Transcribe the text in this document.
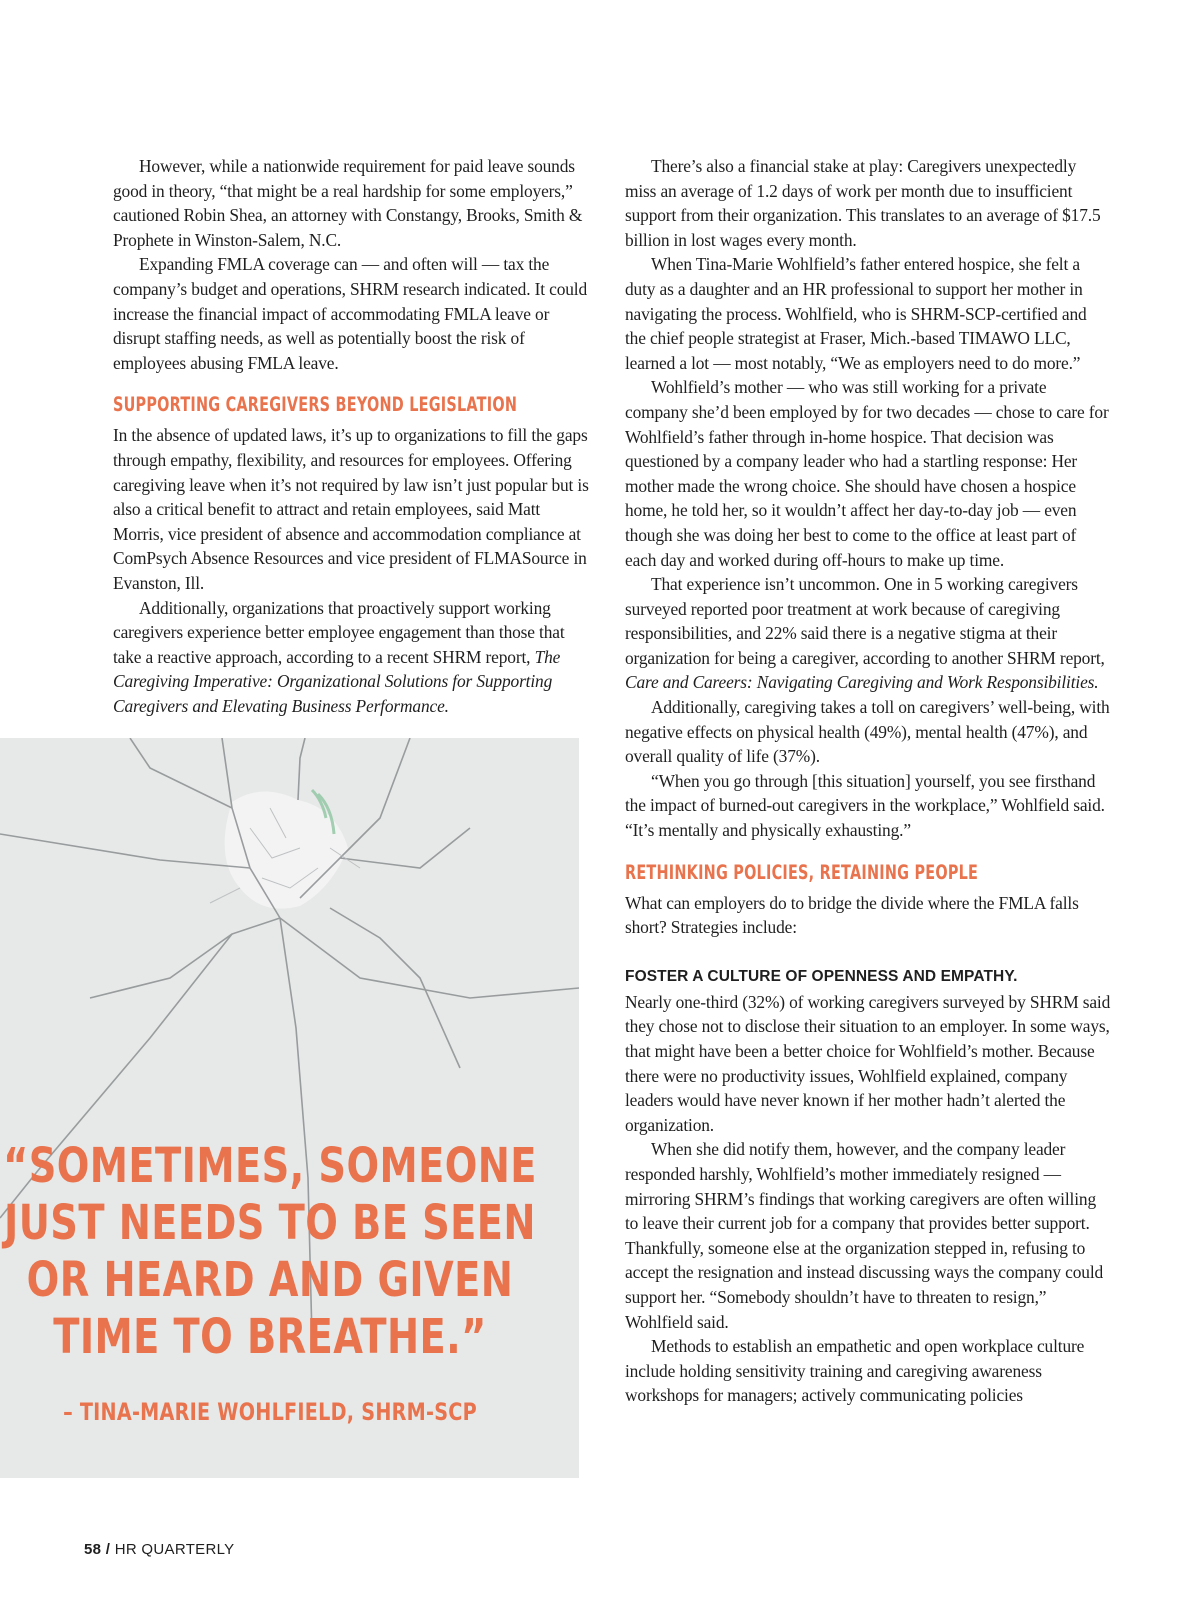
However, while a nationwide requirement for paid leave sounds good in theory, “that might be a real hardship for some employers,” cautioned Robin Shea, an attorney with Constangy, Brooks, Smith & Prophete in Winston-Salem, N.C.

Expanding FMLA coverage can — and often will — tax the company’s budget and operations, SHRM research indicated. It could increase the financial impact of accommodating FMLA leave or disrupt staffing needs, as well as potentially boost the risk of employees abusing FMLA leave.

SUPPORTING CAREGIVERS BEYOND LEGISLATION

In the absence of updated laws, it’s up to organizations to fill the gaps through empathy, flexibility, and resources for employees. Offering caregiving leave when it’s not required by law isn’t just popular but is also a critical benefit to attract and retain employees, said Matt Morris, vice president of absence and accommodation compliance at ComPsych Absence Resources and vice president of FLMASource in Evanston, Ill.

Additionally, organizations that proactively support working caregivers experience better employee engagement than those that take a reactive approach, according to a recent SHRM report, The Caregiving Imperative: Organizational Solutions for Supporting Caregivers and Elevating Business Performance.

“SOMETIMES, SOMEONE JUST NEEDS TO BE SEEN OR HEARD AND GIVEN TIME TO BREATHE.”
– TINA-MARIE WOHLFIELD, SHRM-SCP

There’s also a financial stake at play: Caregivers unexpectedly miss an average of 1.2 days of work per month due to insufficient support from their organization. This translates to an average of $17.5 billion in lost wages every month.

When Tina-Marie Wohlfield’s father entered hospice, she felt a duty as a daughter and an HR professional to support her mother in navigating the process. Wohlfield, who is SHRM-SCP-certified and the chief people strategist at Fraser, Mich.-based TIMAWO LLC, learned a lot — most notably, “We as employers need to do more.”

Wohlfield’s mother — who was still working for a private company she’d been employed by for two decades — chose to care for Wohlfield’s father through in-home hospice. That decision was questioned by a company leader who had a startling response: Her mother made the wrong choice. She should have chosen a hospice home, he told her, so it wouldn’t affect her day-to-day job — even though she was doing her best to come to the office at least part of each day and worked during off-hours to make up time.

That experience isn’t uncommon. One in 5 working caregivers surveyed reported poor treatment at work because of caregiving responsibilities, and 22% said there is a negative stigma at their organization for being a caregiver, according to another SHRM report, Care and Careers: Navigating Caregiving and Work Responsibilities.

Additionally, caregiving takes a toll on caregivers’ well-being, with negative effects on physical health (49%), mental health (47%), and overall quality of life (37%).

“When you go through [this situation] yourself, you see firsthand the impact of burned-out caregivers in the workplace,” Wohlfield said. “It’s mentally and physically exhausting.”

RETHINKING POLICIES, RETAINING PEOPLE

What can employers do to bridge the divide where the FMLA falls short? Strategies include:

FOSTER A CULTURE OF OPENNESS AND EMPATHY.

Nearly one-third (32%) of working caregivers surveyed by SHRM said they chose not to disclose their situation to an employer. In some ways, that might have been a better choice for Wohlfield’s mother. Because there were no productivity issues, Wohlfield explained, company leaders would have never known if her mother hadn’t alerted the organization.

When she did notify them, however, and the company leader responded harshly, Wohlfield’s mother immediately resigned — mirroring SHRM’s findings that working caregivers are often willing to leave their current job for a company that provides better support. Thankfully, someone else at the organization stepped in, refusing to accept the resignation and instead discussing ways the company could support her. “Somebody shouldn’t have to threaten to resign,” Wohlfield said.

Methods to establish an empathetic and open workplace culture include holding sensitivity training and caregiving awareness workshops for managers; actively communicating policies

58 / HR QUARTERLY
